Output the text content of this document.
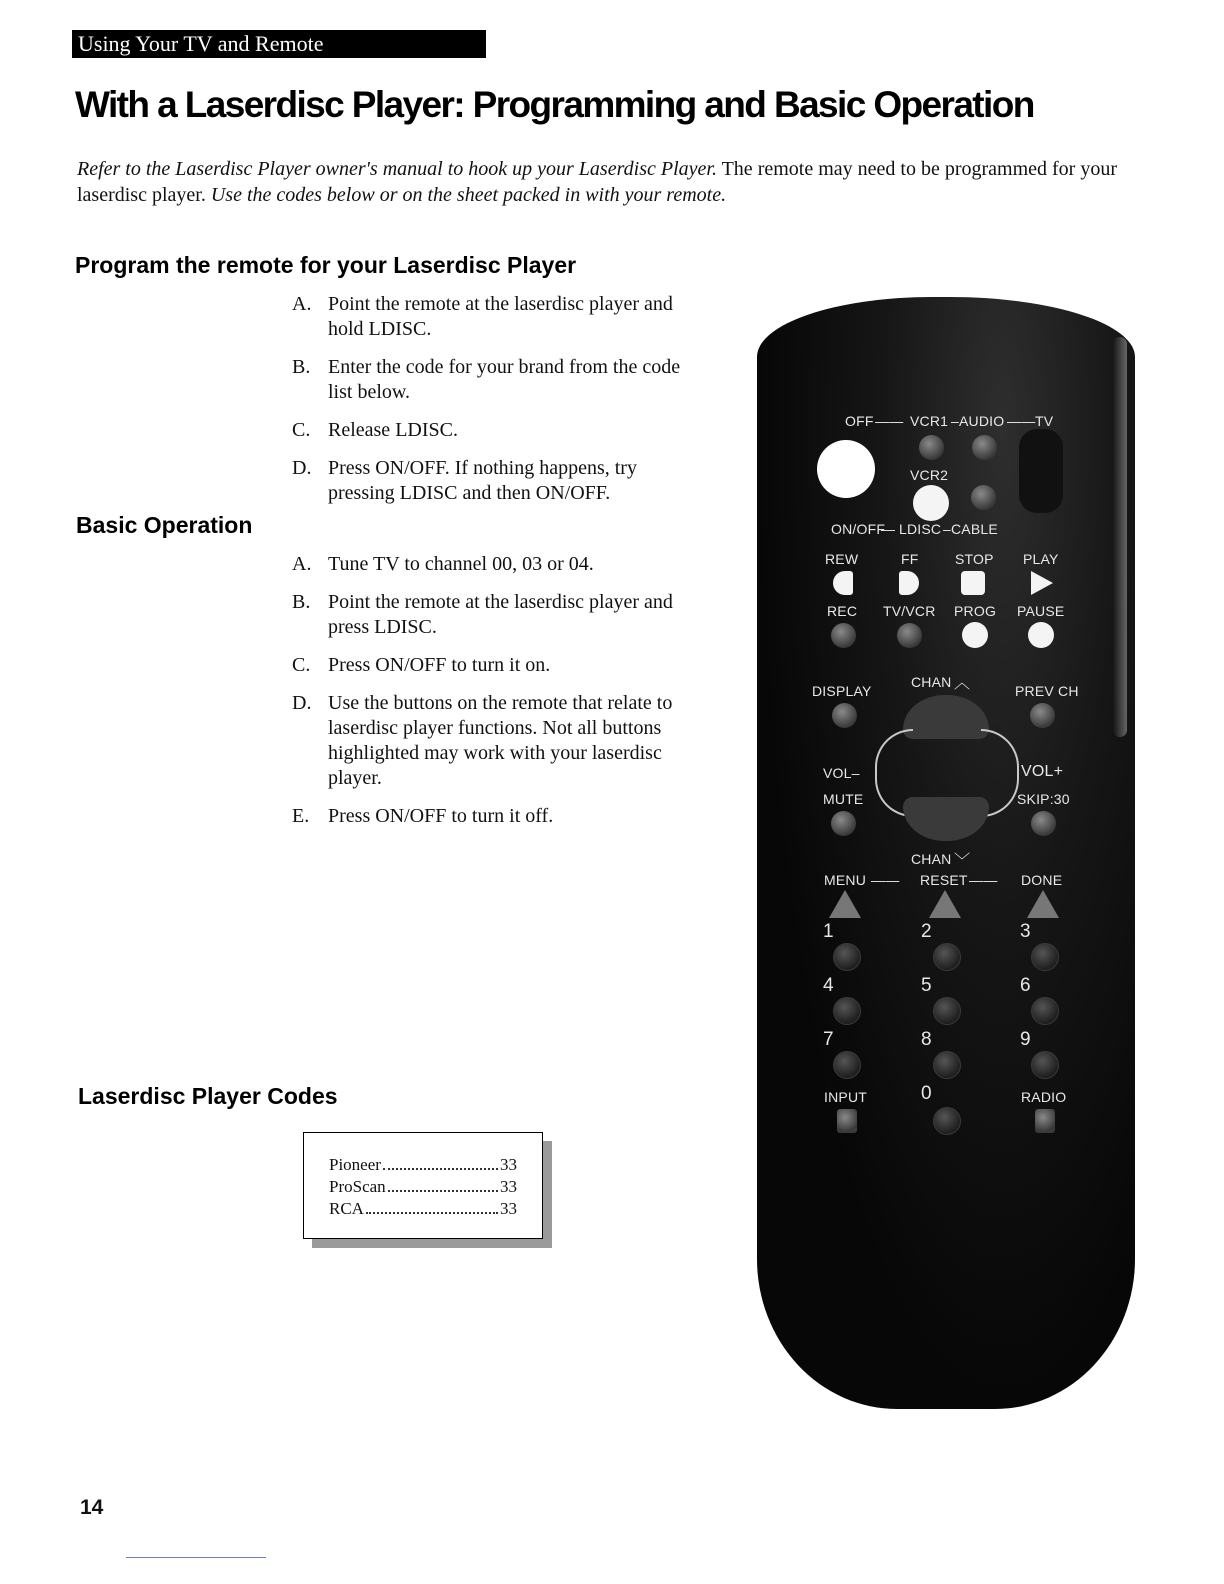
Using Your TV and Remote
With a Laserdisc Player: Programming and Basic Operation

Refer to the Laserdisc Player owner's manual to hook up your Laserdisc Player. The remote may need to be programmed for your laserdisc player. Use the codes below or on the sheet packed in with your remote.

Program the remote for your Laserdisc Player
A. Point the remote at the laserdisc player and hold LDISC.
B. Enter the code for your brand from the code list below.
C. Release LDISC.
D. Press ON/OFF. If nothing happens, try pressing LDISC and then ON/OFF.
Basic Operation
A. Tune TV to channel 00, 03 or 04.
B. Point the remote at the laserdisc player and press LDISC.
C. Press ON/OFF to turn it on.
D. Use the buttons on the remote that relate to laserdisc player functions. Not all buttons highlighted may work with your laserdisc player.
E. Press ON/OFF to turn it off.
Laserdisc Player Codes
Pioneer	33
ProScan	33
RCA	33
14
OFF —— VCR1 – AUDIO —— TV
VCR2
ON/OFF
— LDISC – CABLE
REW	FF	STOP PLAY
REC TV/VCR PROG PAUSE
DISPLAY
CHAN ︿	PREV CH
VOL–	VOL+
MUTE	SKIP:30
CHAN ﹀
MENU —— RESET —— DONE
1	2	3
4	5	6
7	8	9
INPUT	0	RADIO
